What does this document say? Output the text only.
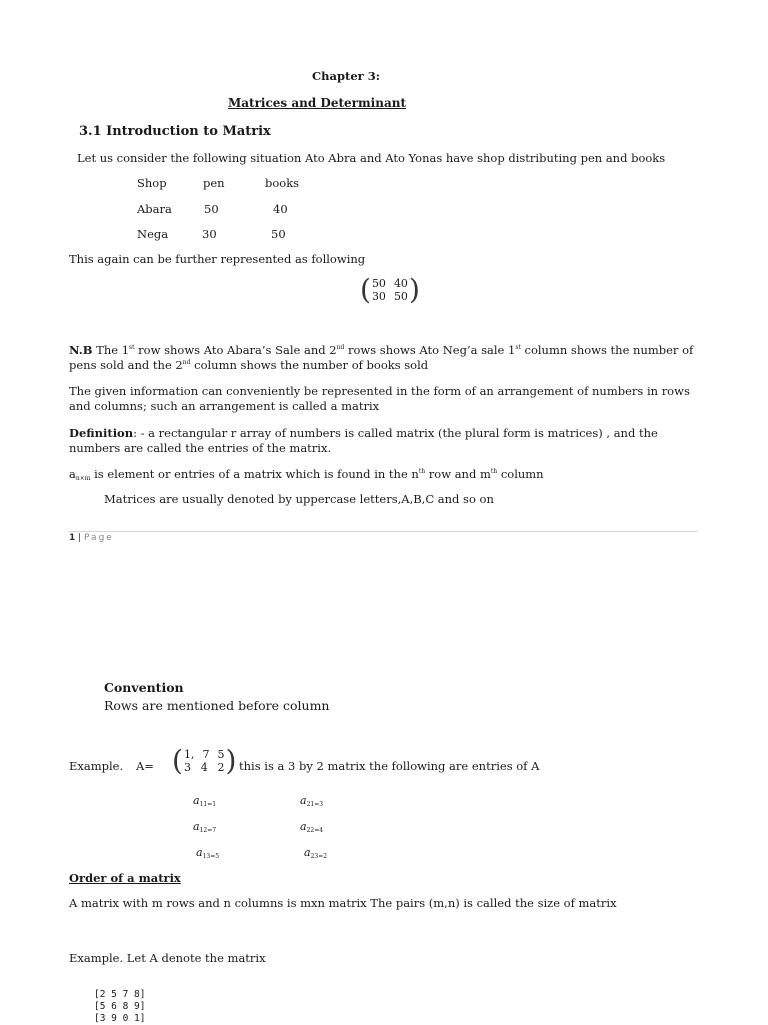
Chapter 3:
Matrices and Determinant
3.1 Introduction to Matrix
Let us consider the following situation Ato Abra and Ato Yonas have shop distributing pen and books
Shop	pen	books
Abara	50	40
Nega	30	50
This again can be further represented as following
( 50 40
30 50 )
N.B The 1st row shows Ato Abara’s Sale and 2nd rows shows Ato Neg’a sale 1st column shows the number of pens sold and the 2nd column shows the number of books sold
The given information can conveniently be represented in the form of an arrangement of numbers in rows and columns; such an arrangement is called a matrix
Definition: - a rectangular r array of numbers is called matrix (the plural form is matrices) , and the numbers are called the entries of the matrix.
$a_{n\times m}$ is element or entries of a matrix which is found in the $n^{th}$ row and $m^{th}$ column
Matrices are usually denoted by uppercase letters,A,B,C and so on
1 | Page
Convention
Rows are mentioned before column
Example. A= ( 1, 7 5
3 4 2 ) this is a 3 by 2 matrix the following are entries of A
$a_{11=1}$	$a_{21=3}$
$a_{12=7}$	$a_{22=4}$
$a_{13=5}$	$a_{23=2}$
Order of a matrix
A matrix with m rows and n columns is mxn matrix The pairs (m,n) is called the size of matrix
Example. Let A denote the matrix
[2 5 7 8]
[5 6 8 9]
[3 9 0 1]
